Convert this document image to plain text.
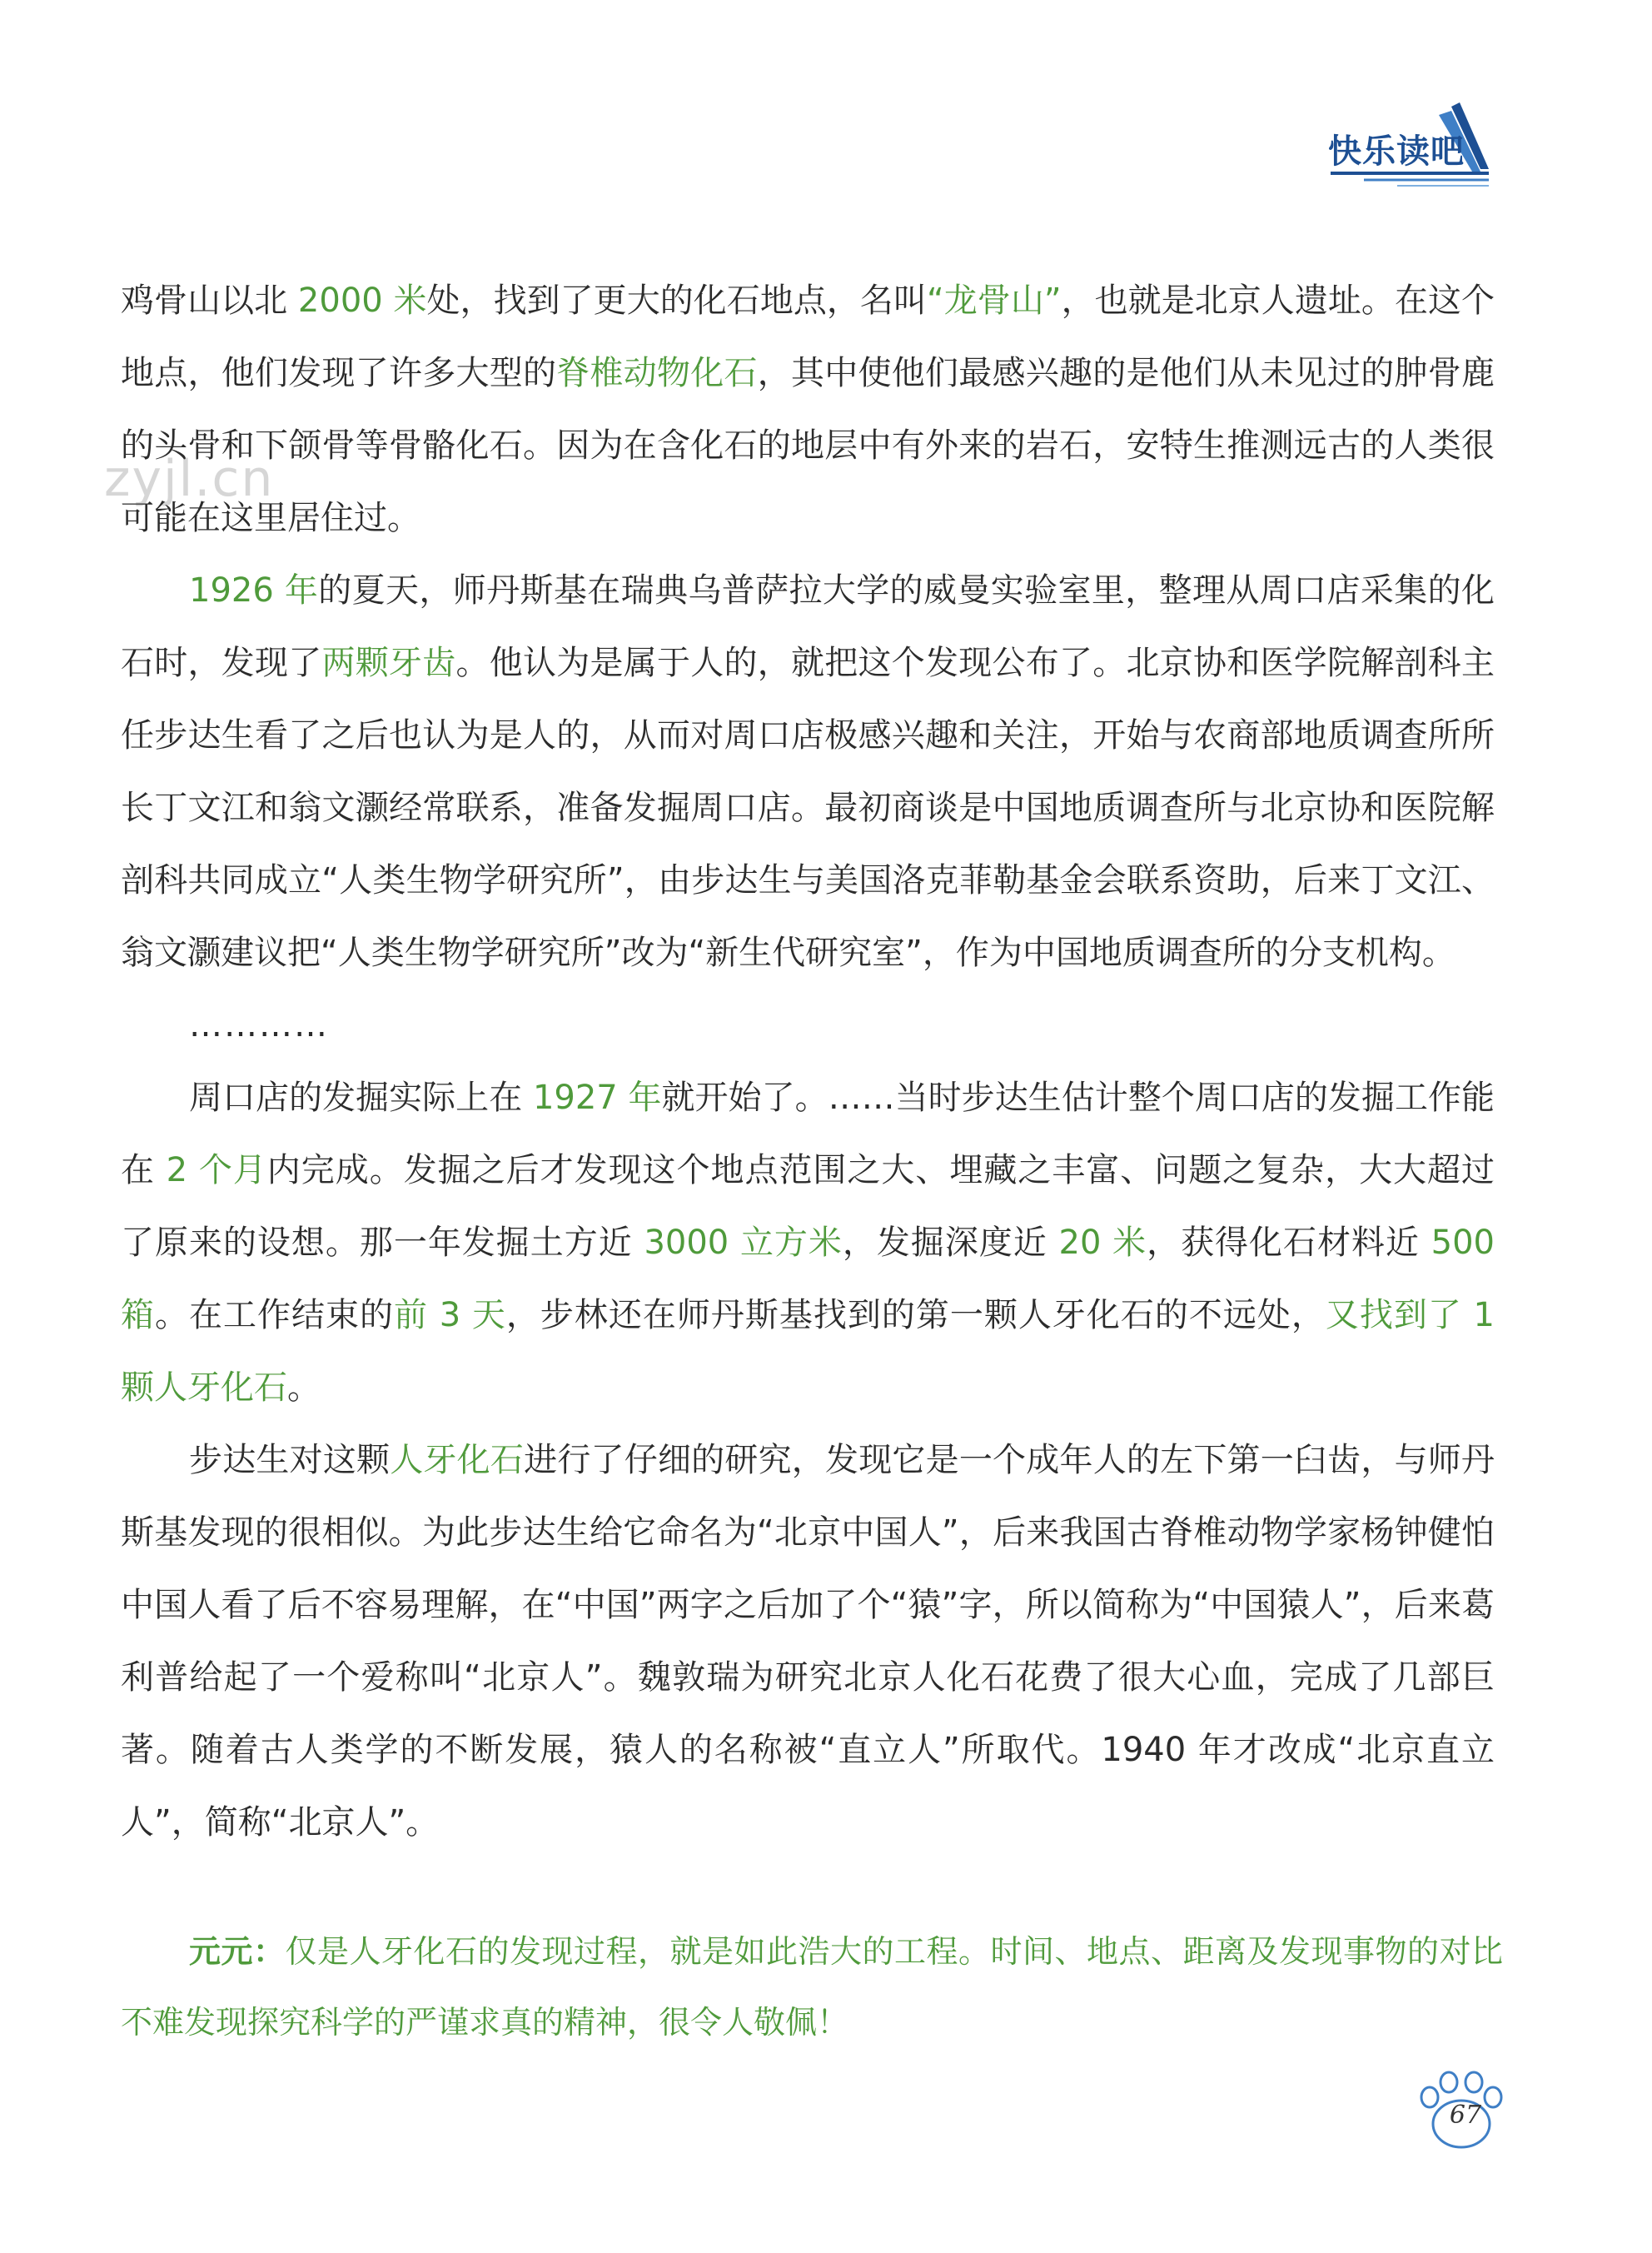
快乐读吧
zyjl.cn

鸡骨山以北 2000 米处，找到了更大的化石地点，名叫“龙骨山”，也就是北京人遗址。在这个地点，他们发现了许多大型的脊椎动物化石，其中使他们最感兴趣的是他们从未见过的肿骨鹿的头骨和下颌骨等骨骼化石。因为在含化石的地层中有外来的岩石，安特生推测远古的人类很可能在这里居住过。

1926 年的夏天，师丹斯基在瑞典乌普萨拉大学的威曼实验室里，整理从周口店采集的化石时，发现了两颗牙齿。他认为是属于人的，就把这个发现公布了。北京协和医学院解剖科主任步达生看了之后也认为是人的，从而对周口店极感兴趣和关注，开始与农商部地质调查所所长丁文江和翁文灏经常联系，准备发掘周口店。最初商谈是中国地质调查所与北京协和医院解剖科共同成立“人类生物学研究所”，由步达生与美国洛克菲勒基金会联系资助，后来丁文江、翁文灏建议把“人类生物学研究所”改为“新生代研究室”，作为中国地质调查所的分支机构。

…………

周口店的发掘实际上在 1927 年就开始了。……当时步达生估计整个周口店的发掘工作能在 2 个月内完成。发掘之后才发现这个地点范围之大、埋藏之丰富、问题之复杂，大大超过了原来的设想。那一年发掘土方近 3000 立方米，发掘深度近 20 米，获得化石材料近 500 箱。在工作结束的前 3 天，步林还在师丹斯基找到的第一颗人牙化石的不远处，又找到了 1 颗人牙化石。

步达生对这颗人牙化石进行了仔细的研究，发现它是一个成年人的左下第一臼齿，与师丹斯基发现的很相似。为此步达生给它命名为“北京中国人”，后来我国古脊椎动物学家杨钟健怕中国人看了后不容易理解，在“中国”两字之后加了个“猿”字，所以简称为“中国猿人”，后来葛利普给起了一个爱称叫“北京人”。魏敦瑞为研究北京人化石花费了很大心血，完成了几部巨著。随着古人类学的不断发展，猿人的名称被“直立人”所取代。1940 年才改成“北京直立人”，简称“北京人”。

元元：仅是人牙化石的发现过程，就是如此浩大的工程。时间、地点、距离及发现事物的对比不难发现探究科学的严谨求真的精神，很令人敬佩！
67
